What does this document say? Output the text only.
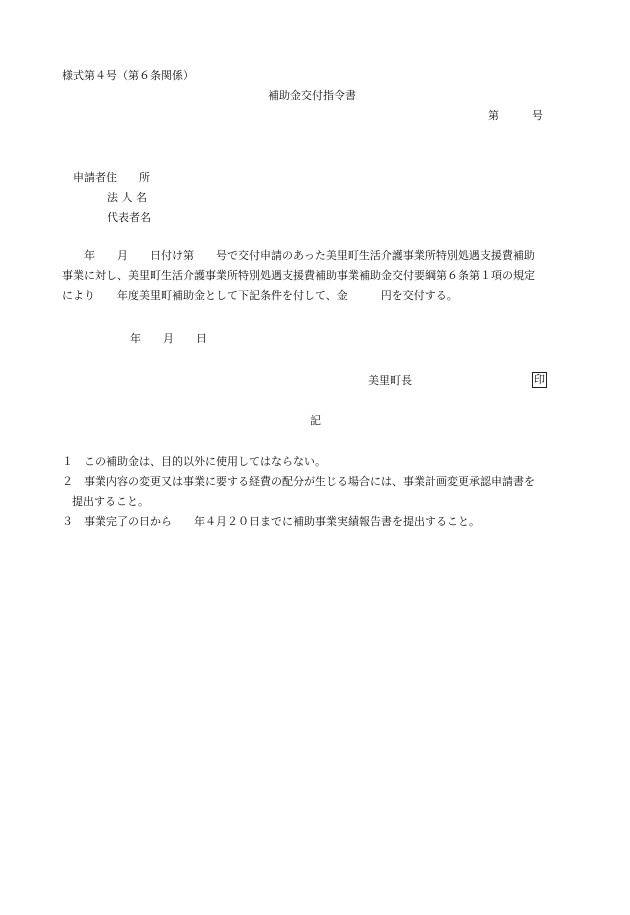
様式第４号（第６条関係）
補助金交付指令書
第　　　号
申請者住　　所
法 人 名
代表者名
　　年　　月　　日付け第　　号で交付申請のあった美里町生活介護事業所特別処遇支援費補助
事業に対し、美里町生活介護事業所特別処遇支援費補助事業補助金交付要綱第６条第１項の規定
により　　年度美里町補助金として下記条件を付して、金　　　円を交付する。
年　　月　　日
美里町長	印
記
１　この補助金は、目的以外に使用してはならない。
２　事業内容の変更又は事業に要する経費の配分が生じる場合には、事業計画変更承認申請書を
提出すること。
３　事業完了の日から　　年４月２０日までに補助事業実績報告書を提出すること。
